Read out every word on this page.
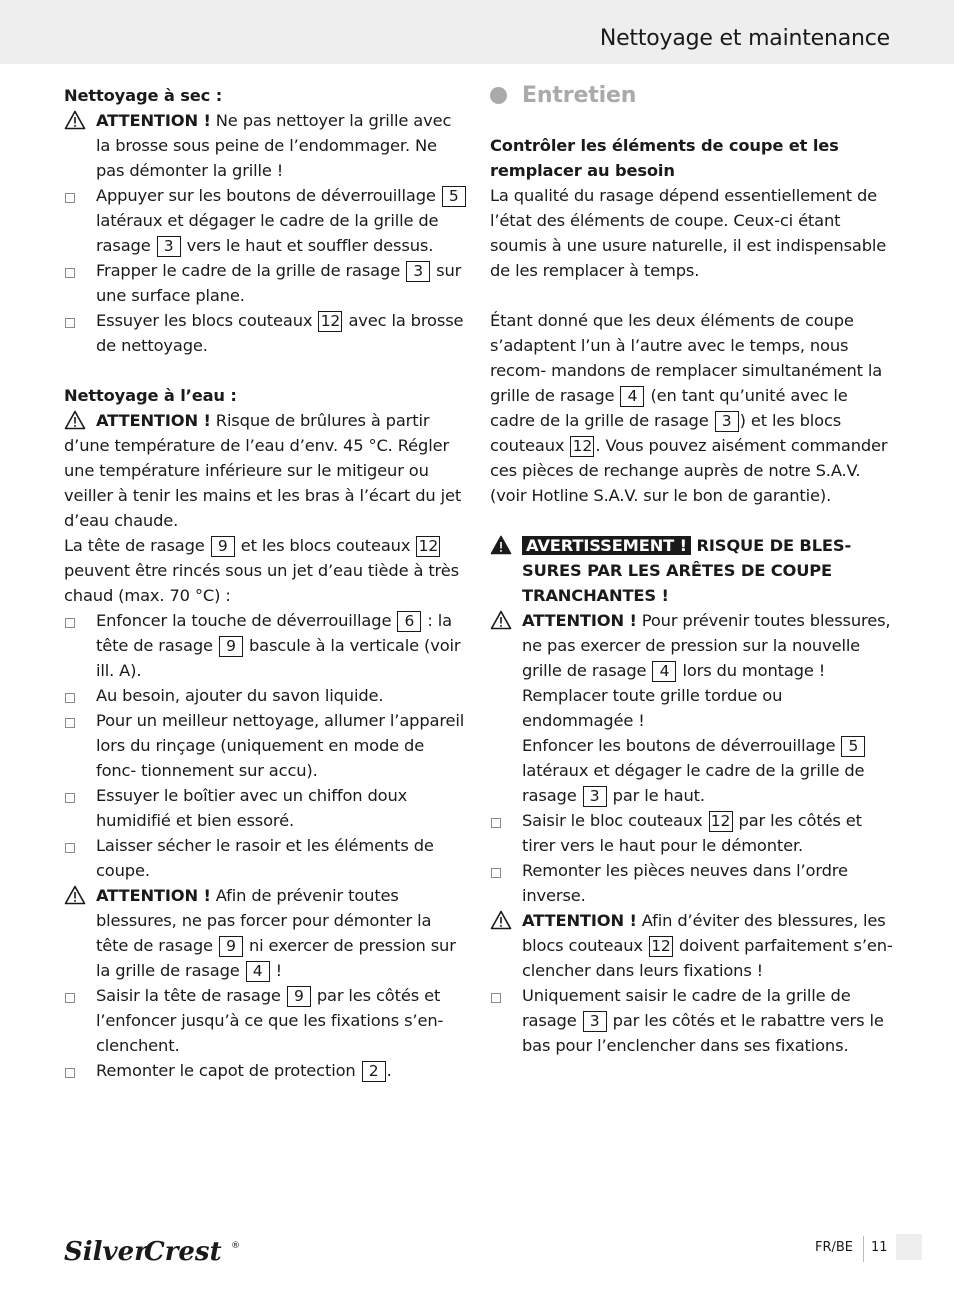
Nettoyage et maintenance
Nettoyage à sec :
ATTENTION ! Ne pas nettoyer la grille avec la brosse sous peine de l’endommager. Ne pas démonter la grille !
Appuyer sur les boutons de déverrouillage 5 latéraux et dégager le cadre de la grille de rasage 3 vers le haut et souffler dessus.
Frapper le cadre de la grille de rasage 3 sur une surface plane.
Essuyer les blocs couteaux 12 avec la brosse de nettoyage.
Nettoyage à l’eau :
ATTENTION ! Risque de brûlures à partir d’une température de l’eau d’env. 45 °C. Régler une température inférieure sur le mitigeur ou veiller à tenir les mains et les bras à l’écart du jet d’eau chaude.
La tête de rasage 9 et les blocs couteaux 12 peuvent être rincés sous un jet d’eau tiède à très chaud (max. 70 °C) :
Enfoncer la touche de déverrouillage 6 : la tête de rasage 9 bascule à la verticale (voir ill. A).
Au besoin, ajouter du savon liquide.
Pour un meilleur nettoyage, allumer l’appareil lors du rinçage (uniquement en mode de fonc- tionnement sur accu).
Essuyer le boîtier avec un chiffon doux humidifié et bien essoré.
Laisser sécher le rasoir et les éléments de coupe.
ATTENTION ! Afin de prévenir toutes blessures, ne pas forcer pour démonter la tête de rasage 9 ni exercer de pression sur la grille de rasage 4 !
Saisir la tête de rasage 9 par les côtés et l’enfoncer jusqu’à ce que les fixations s’en- clenchent.
Remonter le capot de protection 2 .
Entretien
Contrôler les éléments de coupe et les remplacer au besoin
La qualité du rasage dépend essentiellement de l’état des éléments de coupe. Ceux-ci étant soumis à une usure naturelle, il est indispensable de les remplacer à temps.
Étant donné que les deux éléments de coupe s’adaptent l’un à l’autre avec le temps, nous recom- mandons de remplacer simultanément la grille de rasage 4 (en tant qu’unité avec le cadre de la grille de rasage 3 ) et les blocs couteaux 12 . Vous pouvez aisément commander ces pièces de rechange auprès de notre S.A.V. (voir Hotline S.A.V. sur le bon de garantie).
AVERTISSEMENT ! RISQUE DE BLES- SURES PAR LES ARÊTES DE COUPE TRANCHANTES !
ATTENTION ! Pour prévenir toutes blessures, ne pas exercer de pression sur la nouvelle grille de rasage 4 lors du montage ! Remplacer toute grille tordue ou endommagée !
Enfoncer les boutons de déverrouillage 5 latéraux et dégager le cadre de la grille de rasage 3 par le haut.
Saisir le bloc couteaux 12 par les côtés et tirer vers le haut pour le démonter.
Remonter les pièces neuves dans l’ordre inverse.
ATTENTION ! Afin d’éviter des blessures, les blocs couteaux 12 doivent parfaitement s’en- clencher dans leurs fixations !
Uniquement saisir le cadre de la grille de rasage 3 par les côtés et le rabattre vers le bas pour l’enclencher dans ses fixations.
Silver
Crest ®	FR/BE 11
